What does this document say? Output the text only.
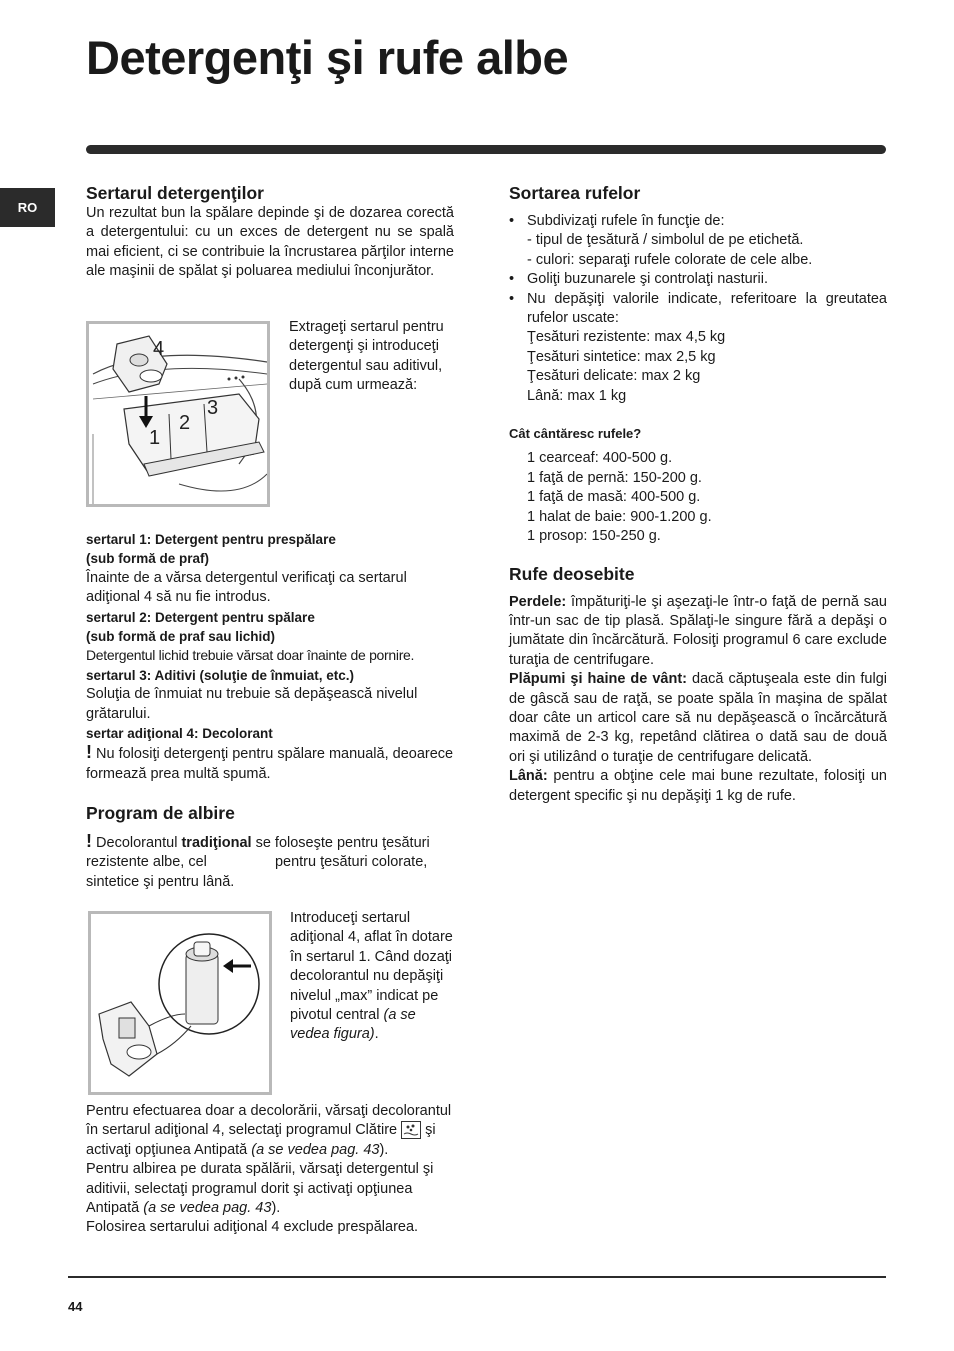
Detergenţi şi rufe albe
RO
Sertarul detergenţilor

Un rezultat bun la spălare depinde şi de dozarea corectă a detergentului: cu un exces de detergent nu se spală mai eficient, ci se contribuie la încrustarea părţilor interne ale maşinii de spălat şi poluarea mediului înconjurător.

4
1
2
3

Extrageţi sertarul pentru detergenţi şi introduceţi detergentul sau aditivul, după cum urmează:

sertarul 1: Detergent pentru prespălare
(sub formă de praf)

Înainte de a vărsa detergentul verificaţi ca sertarul adiţional 4 să nu fie introdus.

sertarul 2: Detergent pentru spălare
(sub formă de praf sau lichid)

Detergentul lichid trebuie vărsat doar înainte de pornire.

sertarul 3: Aditivi (soluţie de înmuiat, etc.)

Soluţia de înmuiat nu trebuie să depăşească nivelul grătarului.

sertar adiţional 4: Decolorant

! Nu folosiţi detergenţi pentru spălare manuală, deoarece formează prea multă spumă.

Program de albire

! Decolorantul tradiţional se foloseşte pentru ţesături rezistente albe, cel	pentru ţesături colorate, sintetice şi pentru lână.

Introduceţi sertarul adiţional 4, aflat în dotare în sertarul 1. Când dozaţi decolorantul nu depăşiţi nivelul „max” indicat pe pivotul central (a se vedea figura).

Pentru efectuarea doar a decolorării, vărsaţi decolorantul în sertarul adiţional 4, selectaţi programul Clătire  şi activaţi opţiunea Antipată (a se vedea pag. 43).

Pentru albirea pe durata spălării, vărsaţi detergentul şi aditivii, selectaţi programul dorit şi activaţi opţiunea Antipată (a se vedea pag. 43).

Folosirea sertarului adiţional 4 exclude prespălarea.

Sortarea rufelor
• Subdivizaţi rufele în funcţie de:
- tipul de ţesătură / simbolul de pe etichetă.
- culori: separaţi rufele colorate de cele albe.
• Goliţi buzunarele şi controlaţi nasturii.
• Nu depăşiţi valorile indicate, referitoare la greutatea rufelor uscate:
Ţesături rezistente: max 4,5 kg
Ţesături sintetice: max 2,5 kg
Ţesături delicate: max 2 kg
Lână: max 1 kg
Cât cântăresc rufele?
1 cearceaf: 400-500 g.
1 faţă de pernă: 150-200 g.
1 faţă de masă: 400-500 g.
1 halat de baie: 900-1.200 g.
1 prosop: 150-250 g.
Rufe deosebite

Perdele: împăturiţi-le şi aşezaţi-le într-o faţă de pernă sau într-un sac de tip plasă. Spălaţi-le singure fără a depăşi o jumătate din încărcătură. Folosiţi programul 6 care exclude turaţia de centrifugare.

Plăpumi şi haine de vânt: dacă căptuşeala este din fulgi de gâscă sau de raţă, se poate spăla în maşina de spălat doar câte un articol care să nu depăşească o încărcătură maximă de 2-3 kg, repetând clătirea o dată sau de două ori şi utilizând o turaţie de centrifugare delicată.

Lână: pentru a obţine cele mai bune rezultate, folosiţi un detergent specific şi nu depăşiţi 1 kg de rufe.

44
